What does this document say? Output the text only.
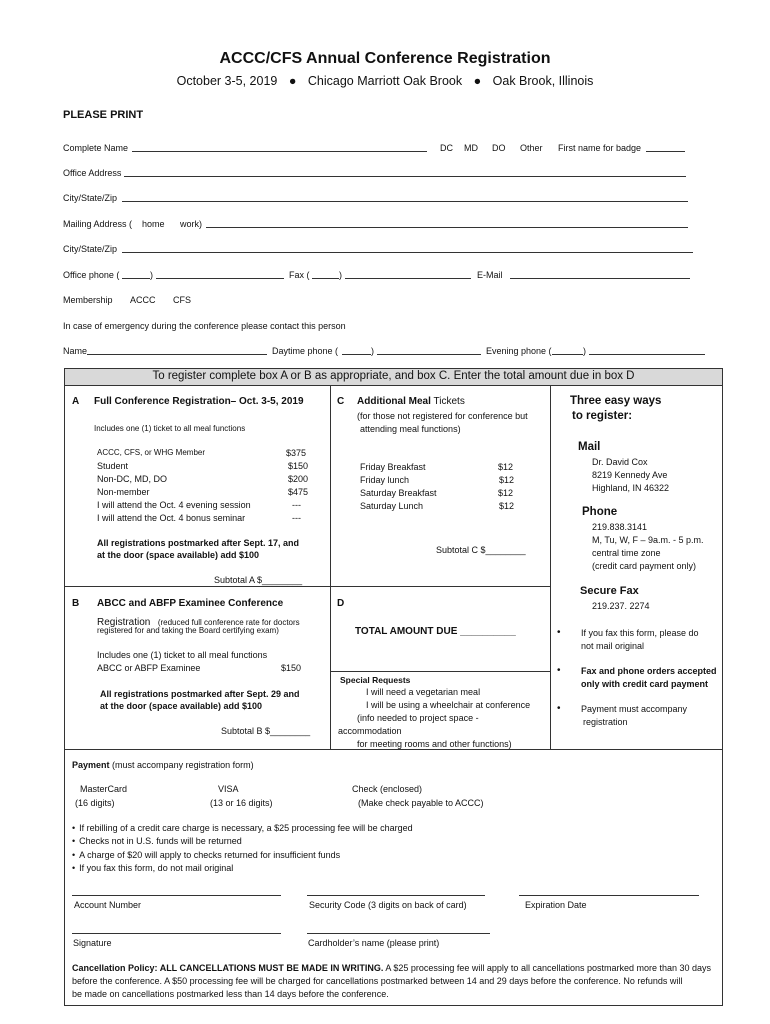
ACCC/CFS Annual Conference Registration
October 3-5, 2019 ● Chicago Marriott Oak Brook ● Oak Brook, Illinois
PLEASE PRINT
Complete Name	DC MD DO Other First name for badge
Office Address
City/State/Zip
Mailing Address ( home work)
City/State/Zip
Office phone (	)	Fax (	)	E-Mail
Membership ACCC CFS
In case of emergency during the conference please contact this person
Name	Daytime phone (	)	Evening phone (	)
To register complete box A or B as appropriate, and box C. Enter the total amount due in box D
A Full Conference Registration– Oct. 3-5, 2019
Includes one (1) ticket to all meal functions
ACCC, CFS, or WHG Member	$375
Student	$150
Non-DC, MD, DO	$200
Non-member	$475
I will attend the Oct. 4 evening session	---
I will attend the Oct. 4 bonus seminar	---
All registrations postmarked after Sept. 17, and
at the door (space available) add $100
Subtotal A $________
B ABCC and ABFP Examinee Conference
Registration (reduced full conference rate for doctors
registered for and taking the Board certifying exam)
Includes one (1) ticket to all meal functions
ABCC or ABFP Examinee	$150
All registrations postmarked after Sept. 29 and
at the door (space available) add $100
Subtotal B $________
C Additional Meal Tickets
(for those not registered for conference but
attending meal functions)
Friday Breakfast	$12
Friday lunch	$12
Saturday Breakfast	$12
Saturday Lunch	$12
Subtotal C $________
D
TOTAL AMOUNT DUE __________
Special Requests
I will need a vegetarian meal
I will be using a wheelchair at conference
(info needed to project space -
accommodation
for meeting rooms and other functions)
Three easy ways
to register:
Mail
Dr. David Cox
8219 Kennedy Ave
Highland, IN 46322
Phone
219.838.3141
M, Tu, W, F – 9a.m. - 5 p.m.
central time zone
(credit card payment only)
Secure Fax
219.237. 2274
• If you fax this form, please do
not mail original
• Fax and phone orders accepted
only with credit card payment
• Payment must accompany
registration
Payment (must accompany registration form)
MasterCard
(16 digits)
VISA
(13 or 16 digits)
Check (enclosed)
(Make check payable to ACCC)
• If rebilling of a credit care charge is necessary, a $25 processing fee will be charged
• Checks not in U.S. funds will be returned
• A charge of $20 will apply to checks returned for insufficient funds
• If you fax this form, do not mail original
Account Number	Security Code (3 digits on back of card)	Expiration Date
Signature	Cardholder’s name (please print)
Cancellation Policy: ALL CANCELLATIONS MUST BE MADE IN WRITING. A $25 processing fee will apply to all cancellations postmarked more than 30 days
before the conference. A $50 processing fee will be charged for cancellations postmarked between 14 and 29 days before the conference. No refunds will
be made on cancellations postmarked less than 14 days before the conference.
